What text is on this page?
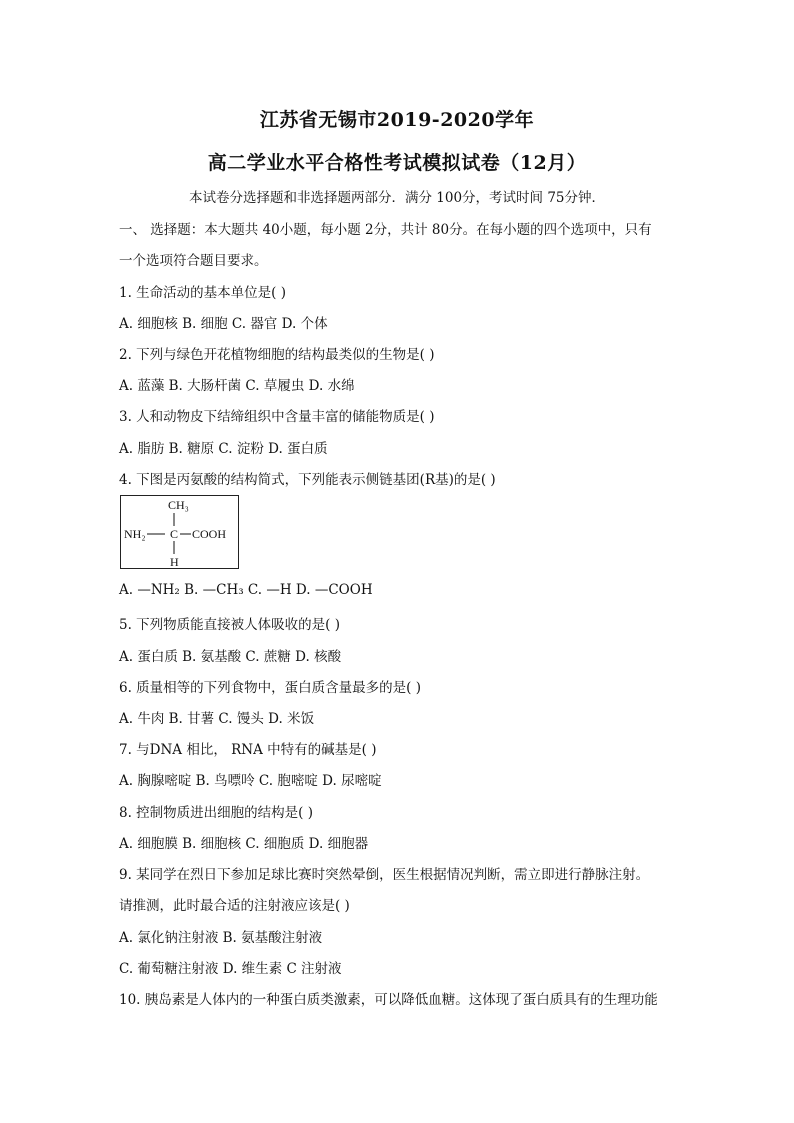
江苏省无锡市2019-2020学年
高二学业水平合格性考试模拟试卷（12月）
本试卷分选择题和非选择题两部分．满分 100分，考试时间 75分钟．
一、 选择题：本大题共 40小题，每小题 2分，共计 80分。在每小题的四个选项中，只有
一个选项符合题目要求。
1. 生命活动的基本单位是( )
A. 细胞核 B. 细胞 C. 器官 D. 个体
2. 下列与绿色开花植物细胞的结构最类似的生物是( )
A. 蓝藻 B. 大肠杆菌 C. 草履虫 D. 水绵
3. 人和动物皮下结缔组织中含量丰富的储能物质是( )
A. 脂肪 B. 糖原 C. 淀粉 D. 蛋白质
4. 下图是丙氨酸的结构简式，下列能表示侧链基团(R基)的是( )
CH₃
NH₂ C COOH
H
A. —NH₂ B. —CH₃ C. —H D. —COOH
5. 下列物质能直接被人体吸收的是( )
A. 蛋白质 B. 氨基酸 C. 蔗糖 D. 核酸
6. 质量相等的下列食物中，蛋白质含量最多的是( )
A. 牛肉 B. 甘薯 C. 馒头 D. 米饭
7. 与DNA 相比， RNA 中特有的碱基是( )
A. 胸腺嘧啶 B. 鸟嘌呤 C. 胞嘧啶 D. 尿嘧啶
8. 控制物质进出细胞的结构是( )
A. 细胞膜 B. 细胞核 C. 细胞质 D. 细胞器
9. 某同学在烈日下参加足球比赛时突然晕倒，医生根据情况判断，需立即进行静脉注射。
请推测，此时最合适的注射液应该是( )
A. 氯化钠注射液 B. 氨基酸注射液
C. 葡萄糖注射液 D. 维生素 C 注射液
10. 胰岛素是人体内的一种蛋白质类激素，可以降低血糖。这体现了蛋白质具有的生理功能
